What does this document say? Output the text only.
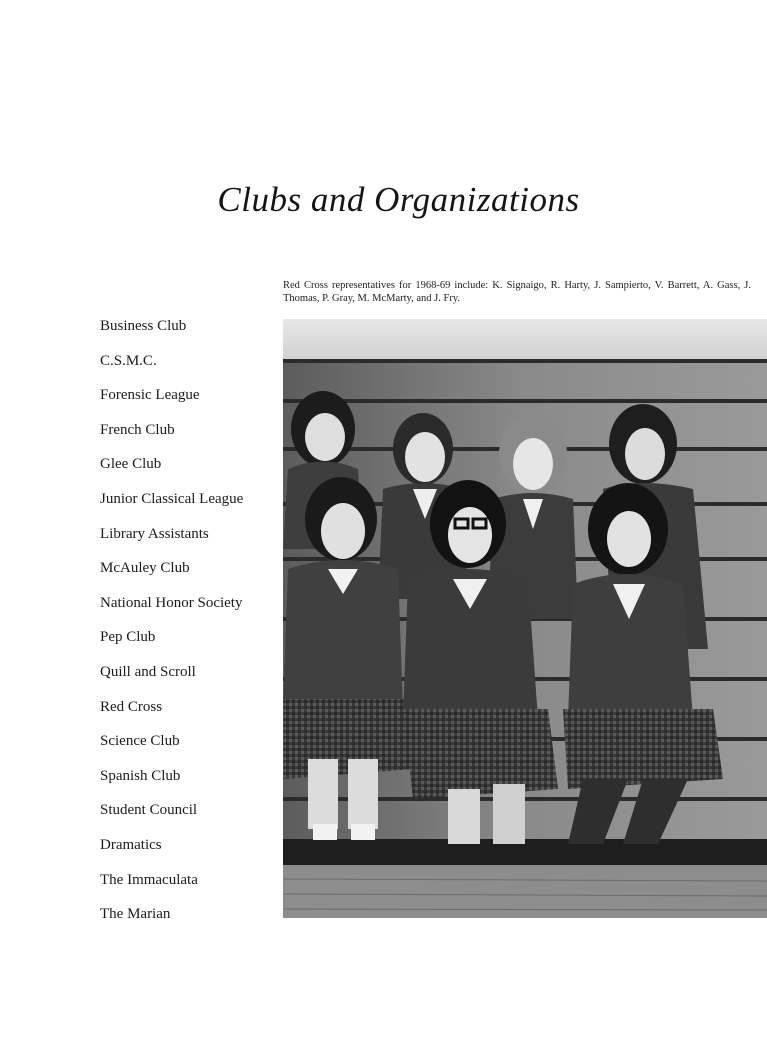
Clubs and Organizations
Red Cross representatives for 1968-69 include: K. Signaigo, R. Harty, J. Sampierto, V. Barrett, A. Gass, J. Thomas, P. Gray, M. McMarty, and J. Fry.
Business Club
C.S.M.C.
Forensic League
French Club
Glee Club
Junior Classical League
Library Assistants
McAuley Club
National Honor Society
Pep Club
Quill and Scroll
Red Cross
Science Club
Spanish Club
Student Council
Dramatics
The Immaculata
The Marian
